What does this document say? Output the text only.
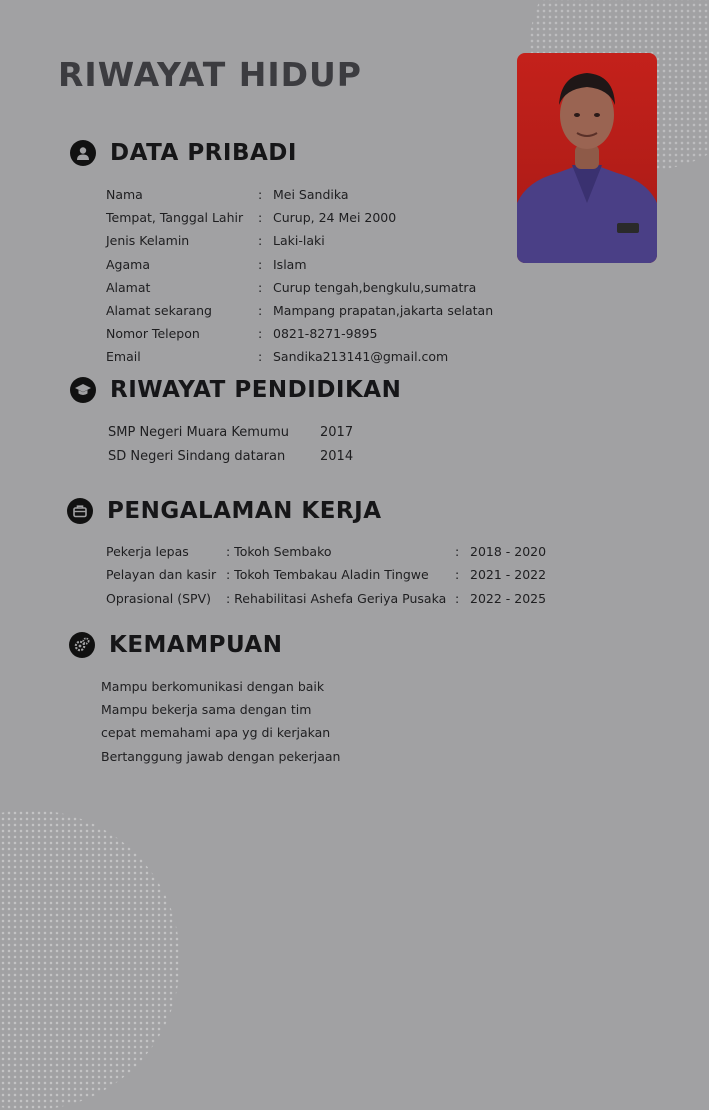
RIWAYAT HIDUP
DATA PRIBADI
Nama	: Mei Sandika
Tempat, Tanggal Lahir	: Curup, 24 Mei 2000
Jenis Kelamin	: Laki-laki
Agama	: Islam
Alamat	: Curup tengah,bengkulu,sumatra
Alamat sekarang	: Mampang prapatan,jakarta selatan
Nomor Telepon	: 0821-8271-9895
Email	: Sandika213141@gmail.com
RIWAYAT PENDIDIKAN
SMP Negeri Muara Kemumu	2017
SD Negeri Sindang dataran	2014
PENGALAMAN KERJA
Pekerja lepas	: Tokoh Sembako	: 2018 - 2020
Pelayan dan kasir : Tokoh Tembakau Aladin Tingwe	: 2021 - 2022
Oprasional (SPV)	: Rehabilitasi Ashefa Geriya Pusaka : 2022 - 2025
KEMAMPUAN
Mampu berkomunikasi dengan baik
Mampu bekerja sama dengan tim
cepat memahami apa yg di kerjakan
Bertanggung jawab dengan pekerjaan
